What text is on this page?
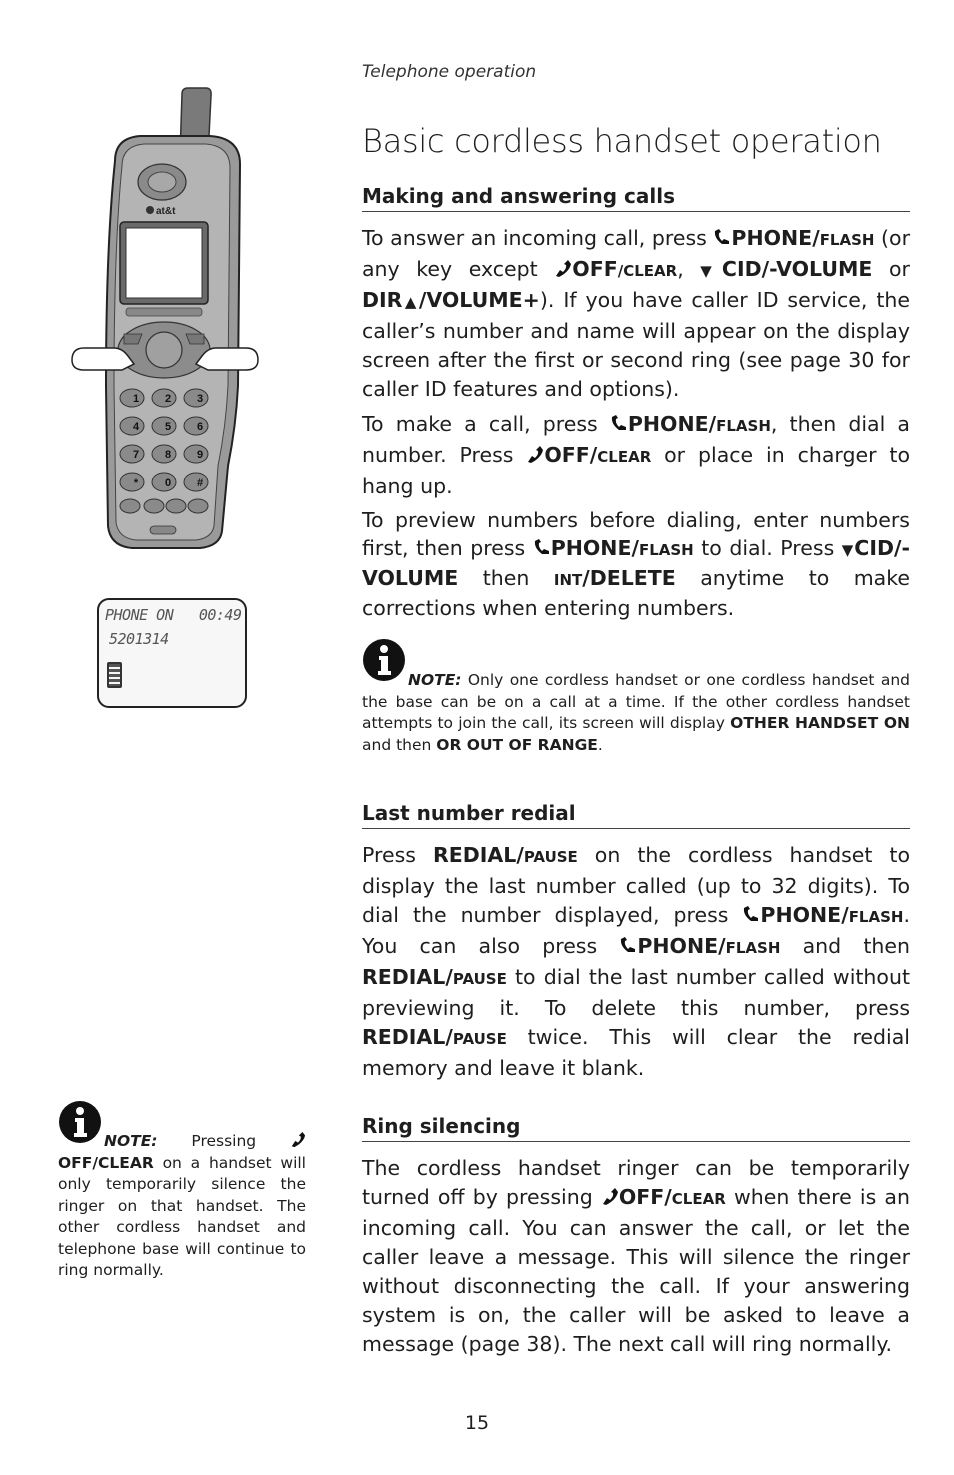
Telephone operation
Basic cordless handset operation
at&t
1 2 3
4 5 6
7 8 9
* 0 #
PHONE ON 00:49
5201314
Making and answering calls

To answer an incoming call, press PHONE/FLASH (or any key except OFF/CLEAR, ▼CID/-VOLUME or DIR▲/VOLUME+). If you have caller ID service, the caller’s number and name will appear on the display screen after the first or second ring (see page 30 for caller ID features and options).

To make a call, press PHONE/FLASH, then dial a number. Press OFF/CLEAR or place in charger to hang up.

To preview numbers before dialing, enter numbers first, then press PHONE/FLASH to dial. Press ▼CID/-VOLUME then INT/DELETE anytime to make corrections when entering numbers.

NOTE: Only one cordless handset or one cordless handset and the base can be on a call at a time. If the other cordless handset attempts to join the call, its screen will display OTHER HANDSET ON and then OR OUT OF RANGE.
Last number redial

Press REDIAL/PAUSE on the cordless handset to display the last number called (up to 32 digits). To dial the number displayed, press PHONE/FLASH. You can also press PHONE/FLASH and then REDIAL/PAUSE to dial the last number called without previewing it. To delete this number, press REDIAL/PAUSE twice. This will clear the redial memory and leave it blank.

Ring silencing

The cordless handset ringer can be temporarily turned off by pressing OFF/CLEAR when there is an incoming call. You can answer the call, or let the caller leave a message. This will silence the ringer without disconnecting the call. If your answering system is on, the caller will be asked to leave a message (page 38). The next call will ring normally.

NOTE: Pressing OFF/CLEAR on a handset will only temporarily silence the ringer on that handset. The other cordless handset and telephone base will continue to ring normally.
15
